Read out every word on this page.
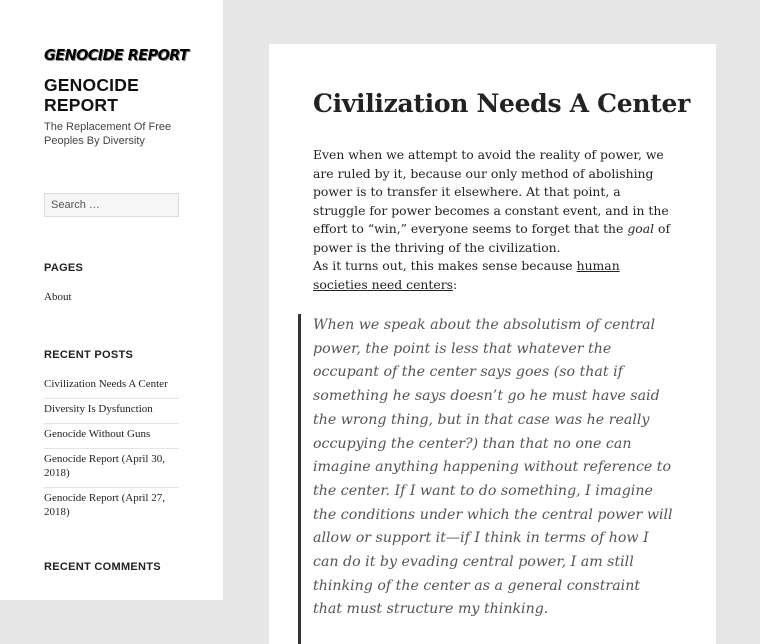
GENOCIDE REPORT
GENOCIDE REPORT
The Replacement Of Free Peoples By Diversity
Search …
PAGES
About
RECENT POSTS
Civilization Needs A Center
Diversity Is Dysfunction
Genocide Without Guns
Genocide Report (April 30, 2018)
Genocide Report (April 27, 2018)
RECENT COMMENTS
Civilization Needs A Center
Even when we attempt to avoid the reality of power, we are ruled by it, because our only method of abolishing power is to transfer it elsewhere. At that point, a struggle for power becomes a constant event, and in the effort to “win,” everyone seems to forget that the goal of power is the thriving of the civilization.
As it turns out, this makes sense because human societies need centers:
When we speak about the absolutism of central power, the point is less that whatever the occupant of the center says goes (so that if something he says doesn’t go he must have said the wrong thing, but in that case was he really occupying the center?) than that no one can imagine anything happening without reference to the center. If I want to do something, I imagine the conditions under which the central power will allow or support it—if I think in terms of how I can do it by evading central power, I am still thinking of the center as a general constraint that must structure my thinking.
